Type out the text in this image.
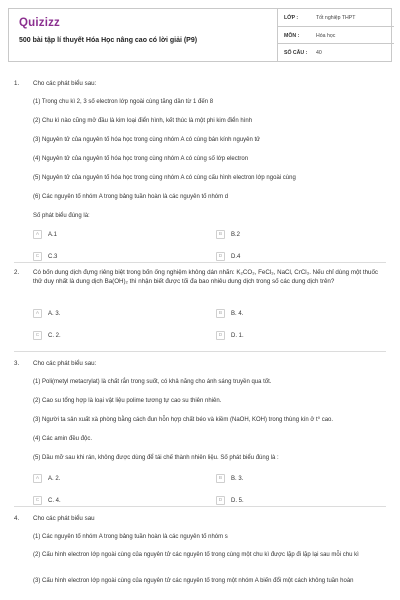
Quizizz
500 bài tập lí thuyết Hóa Học nâng cao có lời giải (P9)
LỚP :	Tốt nghiệp THPT
MÔN :	Hóa học
SỐ CÂU : 40
1. Cho các phát biểu sau:
(1) Trong chu kì 2, 3 số electron lớp ngoài cùng tăng dần từ 1 đến 8
(2) Chu kì nào cũng mở đầu là kim loại điển hình, kết thúc là một phi kim điển hình
(3) Nguyên tử của nguyên tố hóa học trong cùng nhóm A có cùng bán kính nguyên tử
(4) Nguyên tử của nguyên tố hóa học trong cùng nhóm A có cùng số lớp electron
(5) Nguyên tử của nguyên tố hóa học trong cùng nhóm A có cùng cấu hình electron lớp ngoài cùng
(6) Các nguyên tố nhóm A trong bảng tuần hoàn là các nguyên tố nhóm d
Số phát biểu đúng là:
A	A.1	B	B.2
C	C.3	D	D.4
2. Có bốn dung dịch đựng riêng biệt trong bốn ống nghiệm không dán nhãn: K₂CO₃, FeCl₃, NaCl, CrCl₃. Nếu chỉ dùng một thuốc thử duy nhất là dung dịch Ba(OH)₂ thì nhận biết được tối đa bao nhiêu dung dịch trong số các dung dịch trên?
A	A. 3.	B	B. 4.
C	C. 2.	D	D. 1.
3. Cho các phát biểu sau:
(1) Poli(metyl metacrylat) là chất rắn trong suốt, có khả năng cho ánh sáng truyền qua tốt.
(2) Cao su tổng hợp là loại vật liệu polime tương tự cao su thiên nhiên.
(3) Người ta sản xuất xà phòng bằng cách đun hỗn hợp chất béo và kiềm (NaOH, KOH) trong thùng kín ở t⁰ cao.
(4) Các amin đều độc.
(5) Dầu mỡ sau khi rán, không được dùng để tái chế thành nhiên liệu. Số phát biểu đúng là :
A	A. 2.	B	B. 3.
C	C. 4.	D	D. 5.
4. Cho các phát biểu sau
(1) Các nguyên tố nhóm A trong bảng tuần hoàn là các nguyên tố nhóm s
(2) Cấu hình electron lớp ngoài cùng của nguyên tử các nguyên tố trong cùng một chu kì được lặp đi lặp lại sau mỗi chu kì
(3) Cấu hình electron lớp ngoài cùng của nguyên tử các nguyên tố trong một nhóm A biến đổi một cách không tuần hoàn
